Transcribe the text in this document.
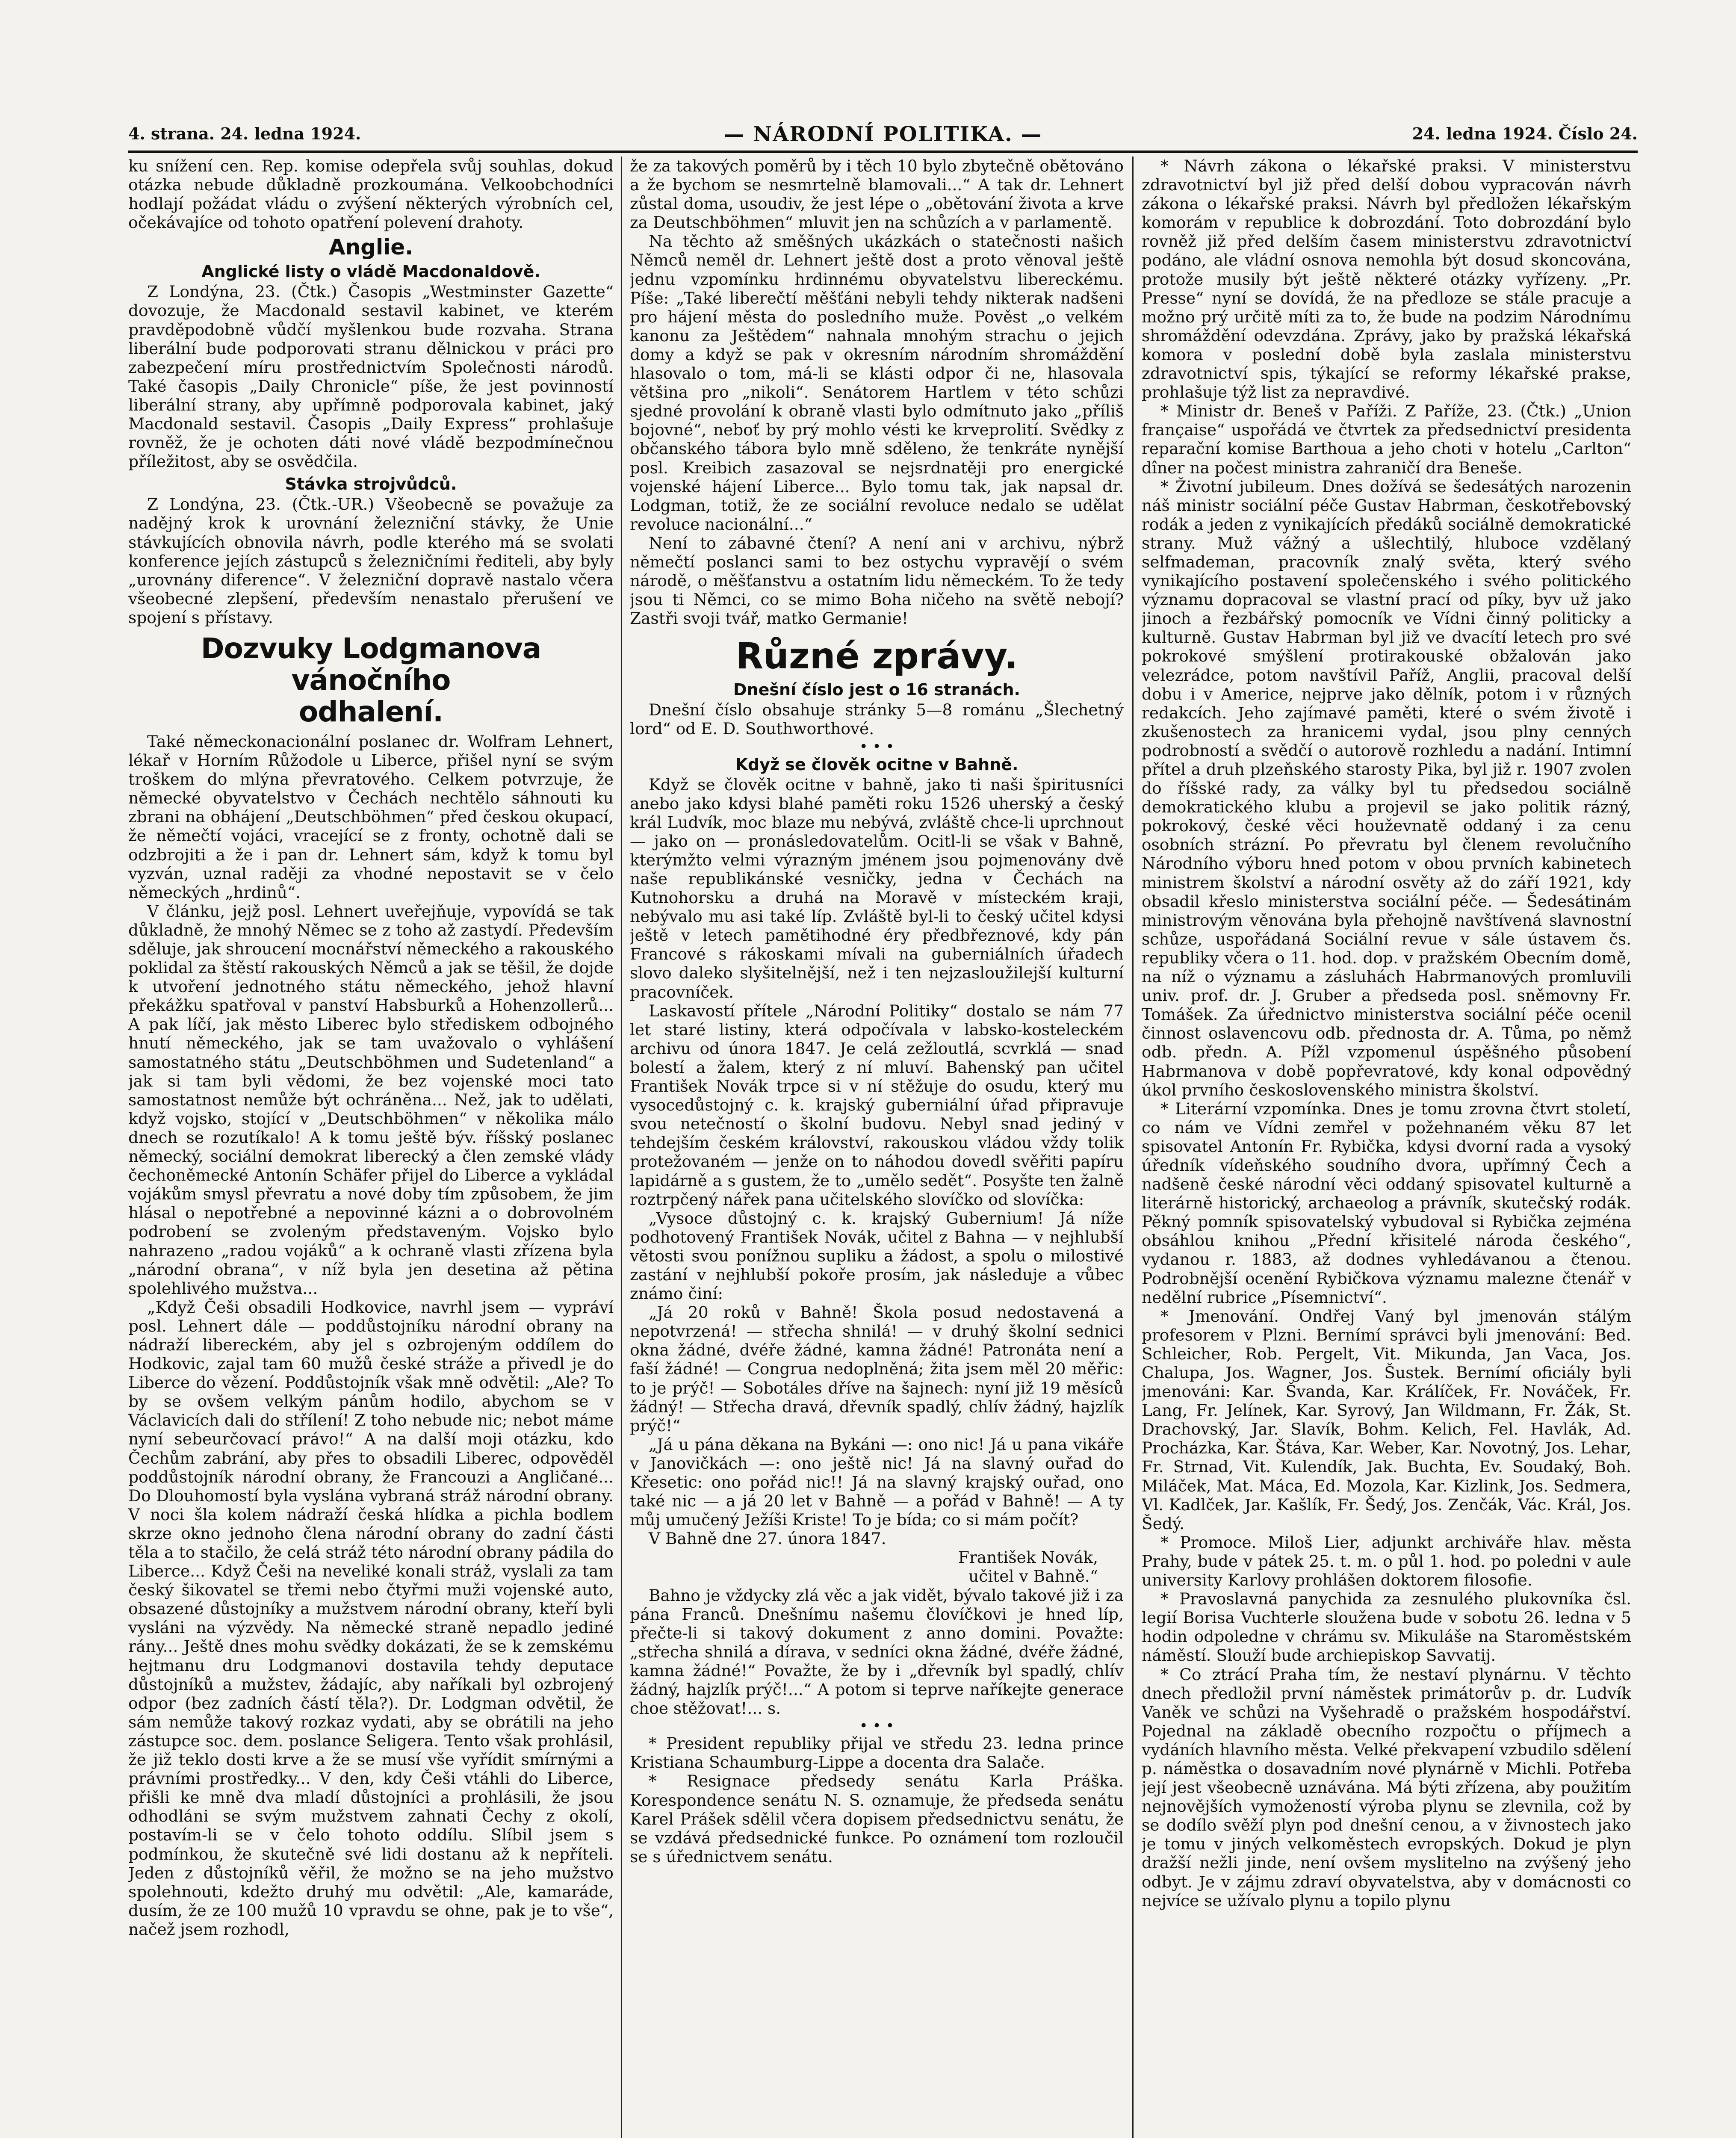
4. strana. 24. ledna 1924.	— NÁRODNÍ POLITIKA. —	24. ledna 1924. Číslo 24.

ku snížení cen. Rep. komise odepřela svůj souhlas, dokud otázka nebude důkladně prozkoumána. Velkoobchodníci hodlají požádat vládu o zvýšení některých výrobních cel, očekávajíce od tohoto opatření polevení drahoty.

Anglie.
Anglické listy o vládě Macdonaldově.

Z Londýna, 23. (Čtk.) Časopis „Westminster Gazette“ dovozuje, že Macdonald sestavil kabinet, ve kterém pravděpodobně vůdčí myšlenkou bude rozvaha. Strana liberální bude podporovati stranu dělnickou v práci pro zabezpečení míru prostřednictvím Společnosti národů. Také časopis „Daily Chronicle“ píše, že jest povinností liberální strany, aby upřímně podporovala kabinet, jaký Macdonald sestavil. Časopis „Daily Express“ prohlašuje rovněž, že je ochoten dáti nové vládě bezpodmínečnou příležitost, aby se osvědčila.

Stávka strojvůdců.

Z Londýna, 23. (Čtk.-UR.) Všeobecně se považuje za nadějný krok k urovnání železniční stávky, že Unie stávkujících obnovila návrh, podle kterého má se svolati konference jejích zástupců s železničními řediteli, aby byly „urovnány diference“. V železniční dopravě nastalo včera všeobecné zlepšení, především nenastalo přerušení ve spojení s přístavy.

Dozvuky Lodgmanova vánočního
odhalení.

Také německonacionální poslanec dr. Wolfram Lehnert, lékař v Horním Růžodole u Liberce, přišel nyní se svým troškem do mlýna převratového. Celkem potvrzuje, že německé obyvatelstvo v Čechách nechtělo sáhnouti ku zbrani na obhájení „Deutschböhmen“ před českou okupací, že němečtí vojáci, vracející se z fronty, ochotně dali se odzbrojiti a že i pan dr. Lehnert sám, když k tomu byl vyzván, uznal raději za vhodné nepostavit se v čelo německých „hrdinů“.

V článku, jejž posl. Lehnert uveřejňuje, vypovídá se tak důkladně, že mnohý Němec se z toho až zastydí. Především sděluje, jak shroucení mocnářství německého a rakouského poklidal za štěstí rakouských Němců a jak se těšil, že dojde k utvoření jednotného státu německého, jehož hlavní překážku spatřoval v panství Habsburků a Hohenzollerů... A pak líčí, jak město Liberec bylo střediskem odbojného hnutí německého, jak se tam uvažovalo o vyhlášení samostatného státu „Deutschböhmen und Sudetenland“ a jak si tam byli vědomi, že bez vojenské moci tato samostatnost nemůže být ochráněna... Než, jak to udělati, když vojsko, stojící v „Deutschböhmen“ v několika málo dnech se rozutíkalo! A k tomu ještě býv. říšský poslanec německý, sociální demokrat liberecký a člen zemské vlády čechoněmecké Antonín Schäfer přijel do Liberce a vykládal vojákům smysl převratu a nové doby tím způsobem, že jim hlásal o nepotřebné a nepovinné kázni a o dobrovolném podrobení se zvoleným představeným. Vojsko bylo nahrazeno „radou vojáků“ a k ochraně vlasti zřízena byla „národní obrana“, v níž byla jen desetina až pětina spolehlivého mužstva...

„Když Češi obsadili Hodkovice, navrhl jsem — vypráví posl. Lehnert dále — poddůstojníku národní obrany na nádraží libereckém, aby jel s ozbrojeným oddílem do Hodkovic, zajal tam 60 mužů české stráže a přivedl je do Liberce do vězení. Poddůstojník však mně odvětil: „Ale? To by se ovšem velkým pánům hodilo, abychom se v Václavicích dali do střílení! Z toho nebude nic; nebot máme nyní sebeurčovací právo!“ A na další moji otázku, kdo Čechům zabrání, aby přes to obsadili Liberec, odpověděl poddůstojník národní obrany, že Francouzi a Angličané... Do Dlouhomostí byla vyslána vybraná stráž národní obrany. V noci šla kolem nádraží česká hlídka a pichla bodlem skrze okno jednoho člena národní obrany do zadní části těla a to stačilo, že celá stráž této národní obrany pádila do Liberce... Když Češi na neveliké konali stráž, vyslali za tam český šikovatel se třemi nebo čtyřmi muži vojenské auto, obsazené důstojníky a mužstvem národní obrany, kteří byli vysláni na výzvědy. Na německé straně nepadlo jediné rány... Ještě dnes mohu svědky dokázati, že se k zemskému hejtmanu dru Lodgmanovi dostavila tehdy deputace důstojníků a mužstev, žádajíc, aby naříkali byl ozbrojený odpor (bez zadních částí těla?). Dr. Lodgman odvětil, že sám nemůže takový rozkaz vydati, aby se obrátili na jeho zástupce soc. dem. poslance Seligera. Tento však prohlásil, že již teklo dosti krve a že se musí vše vyřídit smírnými a právními prostředky... V den, kdy Češi vtáhli do Liberce, přišli ke mně dva mladí důstojníci a prohlásili, že jsou odhodláni se svým mužstvem zahnati Čechy z okolí, postavím-li se v čelo tohoto oddílu. Slíbil jsem s podmínkou, že skutečně své lidi dostanu až k nepříteli. Jeden z důstojníků věřil, že možno se na jeho mužstvo spolehnouti, kdežto druhý mu odvětil: „Ale, kamaráde, dusím, že ze 100 mužů 10 vpravdu se ohne, pak je to vše“, načež jsem rozhodl,

že za takových poměrů by i těch 10 bylo zbytečně obětováno a že bychom se nesmrtelně blamovali...“ A tak dr. Lehnert zůstal doma, usoudiv, že jest lépe o „obětování života a krve za Deutschböhmen“ mluvit jen na schůzích a v parlamentě.

Na těchto až směšných ukázkách o statečnosti našich Němců neměl dr. Lehnert ještě dost a proto věnoval ještě jednu vzpomínku hrdinnému obyvatelstvu libereckému. Píše: „Také liberečtí měšťáni nebyli tehdy nikterak nadšeni pro hájení města do posledního muže. Pověst „o velkém kanonu za Ještědem“ nahnala mnohým strachu o jejich domy a když se pak v okresním národním shromáždění hlasovalo o tom, má-li se klásti odpor či ne, hlasovala většina pro „nikoli“. Senátorem Hartlem v této schůzi sjedné provolání k obraně vlasti bylo odmítnuto jako „příliš bojovné“, neboť by prý mohlo vésti ke krveprolití. Svědky z občanského tábora bylo mně sděleno, že tenkráte nynější posl. Kreibich zasazoval se nejsrdnatěji pro energické vojenské hájení Liberce... Bylo tomu tak, jak napsal dr. Lodgman, totiž, že ze sociální revoluce nedalo se udělat revoluce nacionální...“

Není to zábavné čtení? A není ani v archivu, nýbrž němečtí poslanci sami to bez ostychu vypravějí o svém národě, o měšťanstvu a ostatním lidu německém. To že tedy jsou ti Němci, co se mimo Boha ničeho na světě nebojí? Zastři svoji tvář, matko Germanie!

Různé zprávy.
Dnešní číslo jest o 16 stranách.

Dnešní číslo obsahuje stránky 5—8 románu „Šlechetný lord“ od E. D. Southworthové.

• • •
Když se člověk ocitne v Bahně.

Když se člověk ocitne v bahně, jako ti naši špiritusníci anebo jako kdysi blahé paměti roku 1526 uherský a český král Ludvík, moc blaze mu nebývá, zvláště chce-li uprchnout — jako on — pronásledovatelům. Ocitl-li se však v Bahně, kterýmžto velmi výrazným jménem jsou pojmenovány dvě naše republikánské vesničky, jedna v Čechách na Kutnohorsku a druhá na Moravě v místeckém kraji, nebývalo mu asi také líp. Zvláště byl-li to český učitel kdysi ještě v letech pamětihodné éry předbřeznové, kdy pán Francové s rákoskami mívali na guberniálních úřadech slovo daleko slyšitelnější, než i ten nejzasloužilejší kulturní pracovníček.

Laskavostí přítele „Národní Politiky“ dostalo se nám 77 let staré listiny, která odpočívala v labsko-kosteleckém archivu od února 1847. Je celá zežloutlá, scvrklá — snad bolestí a žalem, který z ní mluví. Bahenský pan učitel František Novák trpce si v ní stěžuje do osudu, který mu vysocedůstojný c. k. krajský guberniální úřad připravuje svou netečností o školní budovu. Nebyl snad jediný v tehdejším českém království, rakouskou vládou vždy tolik protežovaném — jenže on to náhodou dovedl svěřiti papíru lapidárně a s gustem, že to „umělo sedět“. Posyšte ten žalně roztrpčený nářek pana učitelského slovíčko od slovíčka:

„Vysoce důstojný c. k. krajský Gubernium! Já níže podhotovený František Novák, učitel z Bahna — v nejhlubší větosti svou ponížnou supliku a žádost, a spolu o milostivé zastání v nejhlubší pokoře prosím, jak následuje a vůbec známo činí:

„Já 20 roků v Bahně! Škola posud nedostavená a nepotvrzená! — střecha shnilá! — v druhý školní sednici okna žádné, dvéře žádné, kamna žádné! Patronáta není a faší žádné! — Congrua nedoplněná; žita jsem měl 20 měřic: to je prýč! — Sobotáles dříve na šajnech: nyní již 19 měsíců žádný! — Střecha dravá, dřevník spadlý, chlív žádný, hajzlík prýč!“

„Já u pána děkana na Bykáni —: ono nic! Já u pana vikáře v Janovičkách —: ono ještě nic! Já na slavný ouřad do Křesetic: ono pořád nic!! Já na slavný krajský ouřad, ono také nic — a já 20 let v Bahně — a pořád v Bahně! — A ty můj umučený Ježíši Kriste! To je bída; co si mám počít?

V Bahně dne 27. února 1847.

František Novák,

učitel v Bahně.“

Bahno je vždycky zlá věc a jak vidět, bývalo takové již i za pána Franců. Dnešnímu našemu človíčkovi je hned líp, přečte-li si takový dokument z anno domini. Považte: „střecha shnilá a dírava, v sedníci okna žádné, dvéře žádné, kamna žádné!“ Považte, že by i „dřevník byl spadlý, chlív žádný, hajzlík prýč!...“ A potom si teprve naříkejte generace choe stěžovat!... s.

• • •

* President republiky přijal ve středu 23. ledna prince Kristiana Schaumburg-Lippe a docenta dra Salače.

* Resignace předsedy senátu Karla Práška. Korespondence senátu N. S. oznamuje, že předseda senátu Karel Prášek sdělil včera dopisem předsednictvu senátu, že se vzdává předsednické funkce. Po oznámení tom rozloučil se s úřednictvem senátu.

* Návrh zákona o lékařské praksi. V ministerstvu zdravotnictví byl již před delší dobou vypracován návrh zákona o lékařské praksi. Návrh byl předložen lékařským komorám v republice k dobrozdání. Toto dobrozdání bylo rovněž již před delším časem ministerstvu zdravotnictví podáno, ale vládní osnova nemohla být dosud skoncována, protože musily být ještě některé otázky vyřízeny. „Pr. Presse“ nyní se dovídá, že na předloze se stále pracuje a možno prý určitě míti za to, že bude na podzim Národnímu shromáždění odevzdána. Zprávy, jako by pražská lékařská komora v poslední době byla zaslala ministerstvu zdravotnictví spis, týkající se reformy lékařské prakse, prohlašuje týž list za nepravdivé.

* Ministr dr. Beneš v Paříži. Z Paříže, 23. (Čtk.) „Union française“ uspořádá ve čtvrtek za předsednictví presidenta reparační komise Barthoua a jeho choti v hotelu „Carlton“ dîner na počest ministra zahraničí dra Beneše.

* Životní jubileum. Dnes dožívá se šedesátých narozenin náš ministr sociální péče Gustav Habrman, českotřebovský rodák a jeden z vynikajících předáků sociálně demokratické strany. Muž vážný a ušlechtilý, hluboce vzdělaný selfmademan, pracovník znalý světa, který svého vynikajícího postavení společenského i svého politického významu dopracoval se vlastní prací od píky, byv už jako jinoch a řezbářský pomocník ve Vídni činný politicky a kulturně. Gustav Habrman byl již ve dvacítí letech pro své pokrokové smýšlení protirakouské obžalován jako velezrádce, potom navštívil Paříž, Anglii, pracoval delší dobu i v Americe, nejprve jako dělník, potom i v různých redakcích. Jeho zajímavé paměti, které o svém životě i zkušenostech za hranicemi vydal, jsou plny cenných podrobností a svědčí o autorově rozhledu a nadání. Intimní přítel a druh plzeňského starosty Pika, byl již r. 1907 zvolen do říšské rady, za války byl tu předsedou sociálně demokratického klubu a projevil se jako politik rázný, pokrokový, české věci houževnatě oddaný i za cenu osobních strázní. Po převratu byl členem revolučního Národního výboru hned potom v obou prvních kabinetech ministrem školství a národní osvěty až do září 1921, kdy obsadil křeslo ministerstva sociální péče. — Šedesátinám ministrovým věnována byla přehojně navštívená slavnostní schůze, uspořádaná Sociální revue v sále ústavem čs. republiky včera o 11. hod. dop. v pražském Obecním domě, na níž o významu a zásluhách Habrmanových promluvili univ. prof. dr. J. Gruber a předseda posl. sněmovny Fr. Tomášek. Za úřednictvo ministerstva sociální péče ocenil činnost oslavencovu odb. přednosta dr. A. Tůma, po němž odb. předn. A. Pížl vzpomenul úspěšného působení Habrmanova v době popřevratové, kdy konal odpovědný úkol prvního československého ministra školství.

* Literární vzpomínka. Dnes je tomu zrovna čtvrt století, co nám ve Vídni zemřel v požehnaném věku 87 let spisovatel Antonín Fr. Rybička, kdysi dvorní rada a vysoký úředník vídeňského soudního dvora, upřímný Čech a nadšeně české národní věci oddaný spisovatel kulturně a literárně historický, archaeolog a právník, skutečský rodák. Pěkný pomník spisovatelský vybudoval si Rybička zejména obsáhlou knihou „Přední křisitelé národa českého“, vydanou r. 1883, až dodnes vyhledávanou a čtenou. Podrobnější ocenění Rybičkova významu malezne čtenář v nedělní rubrice „Písemnictví“.

* Jmenování. Ondřej Vaný byl jmenován stálým profesorem v Plzni. Bernímí správci byli jmenování: Bed. Schleicher, Rob. Pergelt, Vit. Mikunda, Jan Vaca, Jos. Chalupa, Jos. Wagner, Jos. Šustek. Bernímí oficiály byli jmenováni: Kar. Švanda, Kar. Králíček, Fr. Nováček, Fr. Lang, Fr. Jelínek, Kar. Syrový, Jan Wildmann, Fr. Žák, St. Drachovský, Jar. Slavík, Bohm. Kelich, Fel. Havlák, Ad. Procházka, Kar. Štáva, Kar. Weber, Kar. Novotný, Jos. Lehar, Fr. Strnad, Vit. Kulendík, Jak. Buchta, Ev. Soudaký, Boh. Miláček, Mat. Máca, Ed. Mozola, Kar. Kizlink, Jos. Sedmera, Vl. Kadlček, Jar. Kašlík, Fr. Šedý, Jos. Zenčák, Vác. Král, Jos. Šedý.

* Promoce. Miloš Lier, adjunkt archiváře hlav. města Prahy, bude v pátek 25. t. m. o půl 1. hod. po poledni v aule university Karlovy prohlášen doktorem filosofie.

* Pravoslavná panychida za zesnulého plukovníka čsl. legií Borisa Vuchterle sloužena bude v sobotu 26. ledna v 5 hodin odpoledne v chrámu sv. Mikuláše na Staroměstském náměstí. Slouží bude archiepiskop Savvatij.

* Co ztrácí Praha tím, že nestaví plynárnu. V těchto dnech předložil první náměstek primátorův p. dr. Ludvík Vaněk ve schůzi na Vyšehradě o pražském hospodářství. Pojednal na základě obecního rozpočtu o příjmech a vydáních hlavního města. Velké překvapení vzbudilo sdělení p. náměstka o dosavadním nové plynárně v Michli. Potřeba její jest všeobecně uznávána. Má býti zřízena, aby použitím nejnovějších vymožeností výroba plynu se zlevnila, což by se dodílo svěží plyn pod dnešní cenou, a v živnostech jako je tomu v jiných velkoměstech evropských. Dokud je plyn dražší nežli jinde, není ovšem myslitelno na zvýšený jeho odbyt. Je v zájmu zdraví obyvatelstva, aby v domácnosti co nejvíce se užívalo plynu a topilo plynu
